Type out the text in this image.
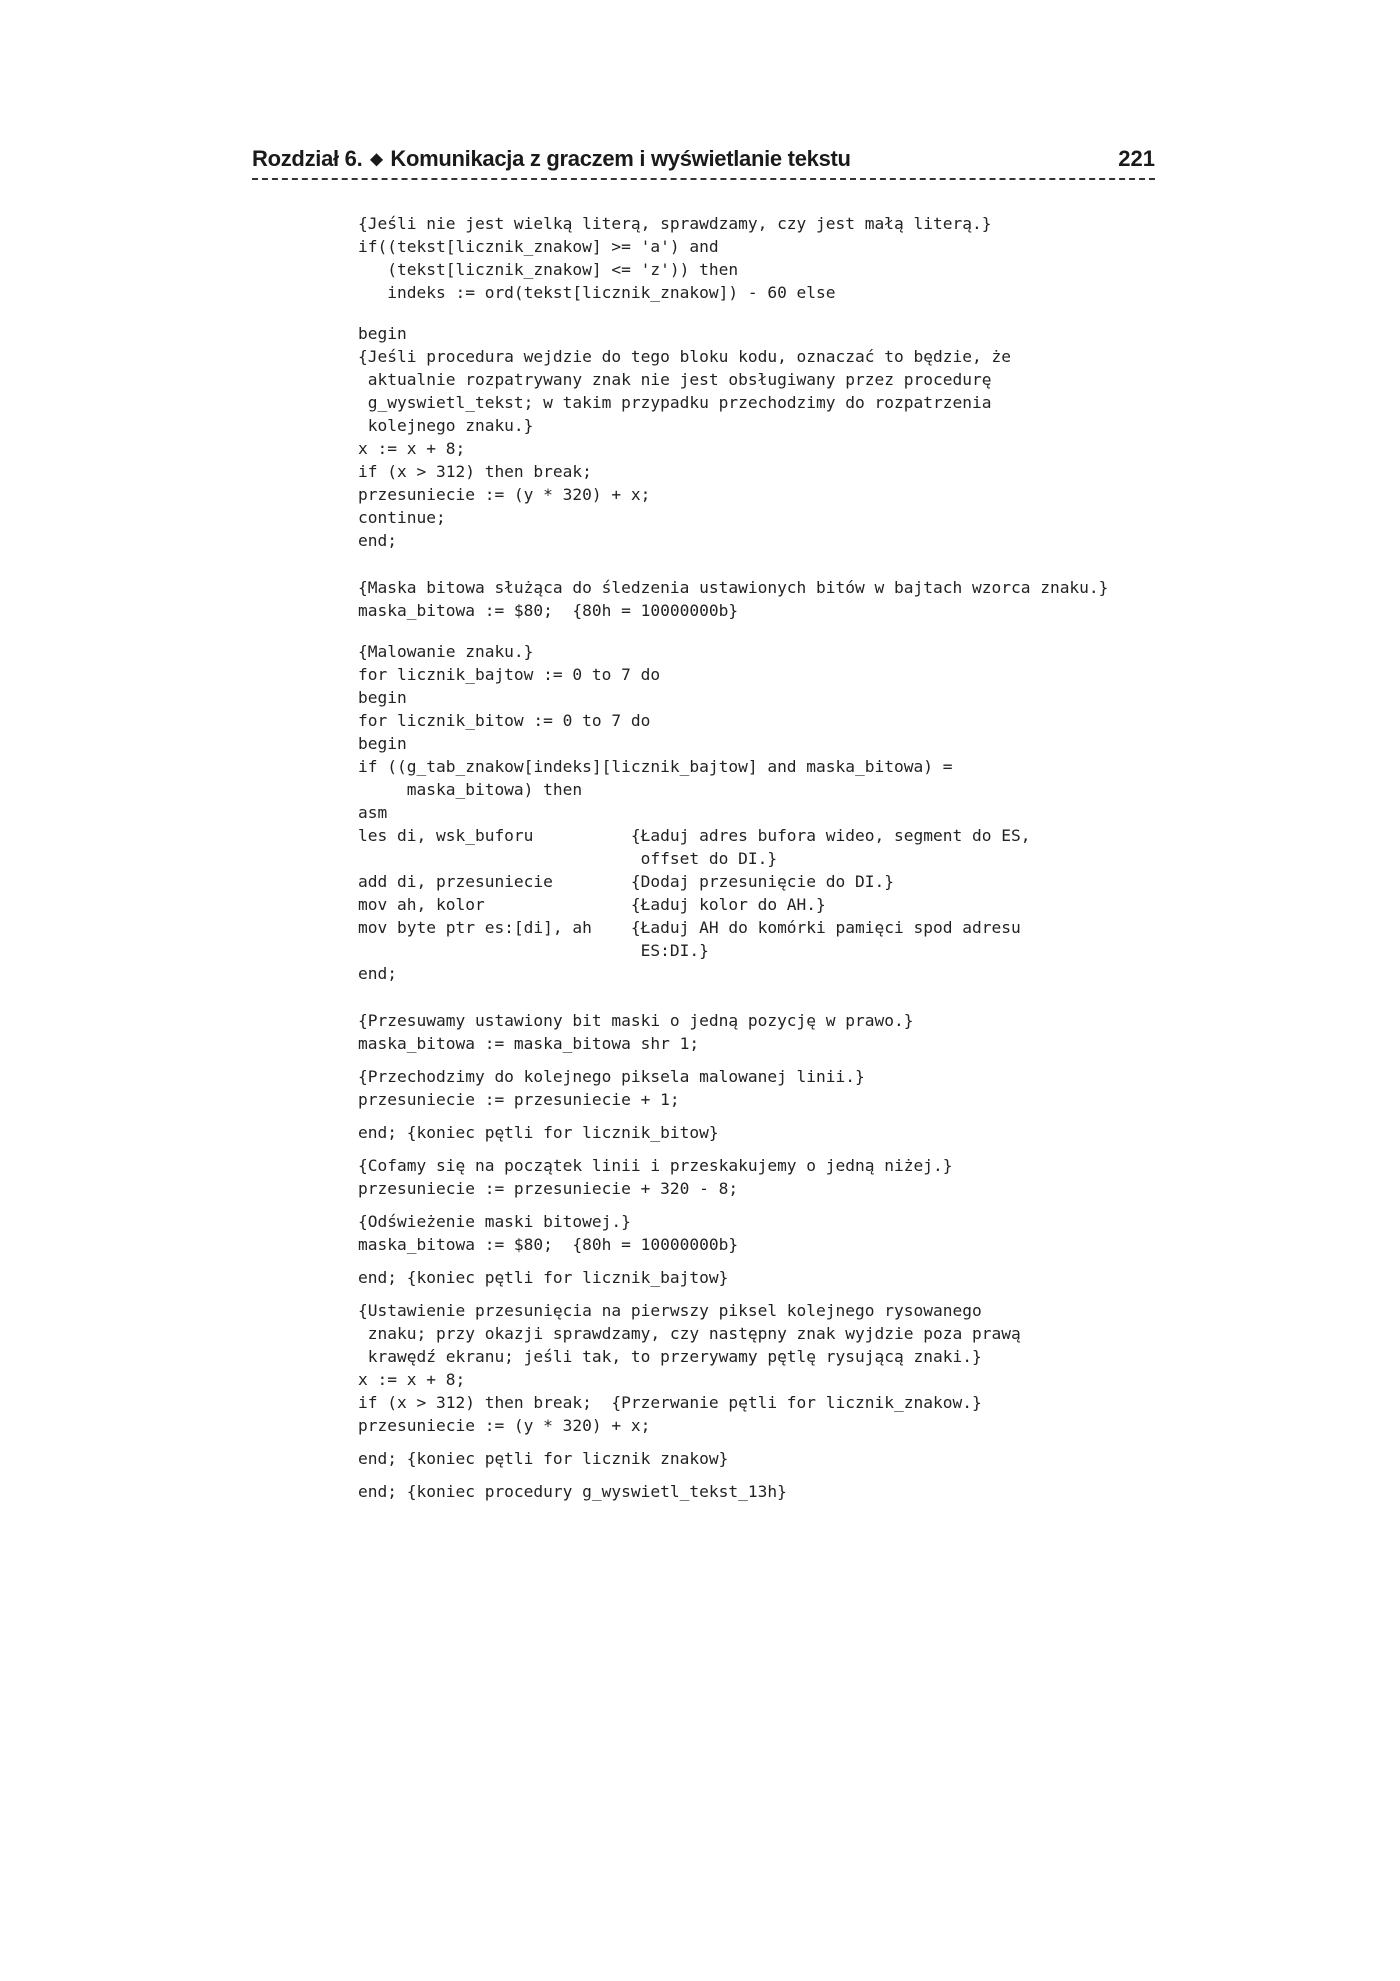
Rozdział 6. ◆ Komunikacja z graczem i wyświetlanie tekstu	221
{Jeśli nie jest wielką literą, sprawdzamy, czy jest małą literą.}
if((tekst[licznik_znakow] >= 'a') and
(tekst[licznik_znakow] <= 'z')) then
indeks := ord(tekst[licznik_znakow]) - 60 else
begin
{Jeśli procedura wejdzie do tego bloku kodu, oznaczać to będzie, że
aktualnie rozpatrywany znak nie jest obsługiwany przez procedurę
g_wyswietl_tekst; w takim przypadku przechodzimy do rozpatrzenia
kolejnego znaku.}
x := x + 8;
if (x > 312) then break;
przesuniecie := (y * 320) + x;
continue;
end;
{Maska bitowa służąca do śledzenia ustawionych bitów w bajtach wzorca znaku.}
maska_bitowa := $80;  {80h = 10000000b}
{Malowanie znaku.}
for licznik_bajtow := 0 to 7 do
begin
for licznik_bitow := 0 to 7 do
begin
if ((g_tab_znakow[indeks][licznik_bajtow] and maska_bitowa) =
maska_bitowa) then
asm
les di, wsk_buforu          {Ładuj adres bufora wideo, segment do ES,
offset do DI.}
add di, przesuniecie        {Dodaj przesunięcie do DI.}
mov ah, kolor               {Ładuj kolor do AH.}
mov byte ptr es:[di], ah    {Ładuj AH do komórki pamięci spod adresu
ES:DI.}
end;
{Przesuwamy ustawiony bit maski o jedną pozycję w prawo.}
maska_bitowa := maska_bitowa shr 1;
{Przechodzimy do kolejnego piksela malowanej linii.}
przesuniecie := przesuniecie + 1;
end; {koniec pętli for licznik_bitow}
{Cofamy się na początek linii i przeskakujemy o jedną niżej.}
przesuniecie := przesuniecie + 320 - 8;
{Odświeżenie maski bitowej.}
maska_bitowa := $80;  {80h = 10000000b}
end; {koniec pętli for licznik_bajtow}
{Ustawienie przesunięcia na pierwszy piksel kolejnego rysowanego
znaku; przy okazji sprawdzamy, czy następny znak wyjdzie poza prawą
krawędź ekranu; jeśli tak, to przerywamy pętlę rysującą znaki.}
x := x + 8;
if (x > 312) then break;  {Przerwanie pętli for licznik_znakow.}
przesuniecie := (y * 320) + x;
end; {koniec pętli for licznik znakow}
end; {koniec procedury g_wyswietl_tekst_13h}
